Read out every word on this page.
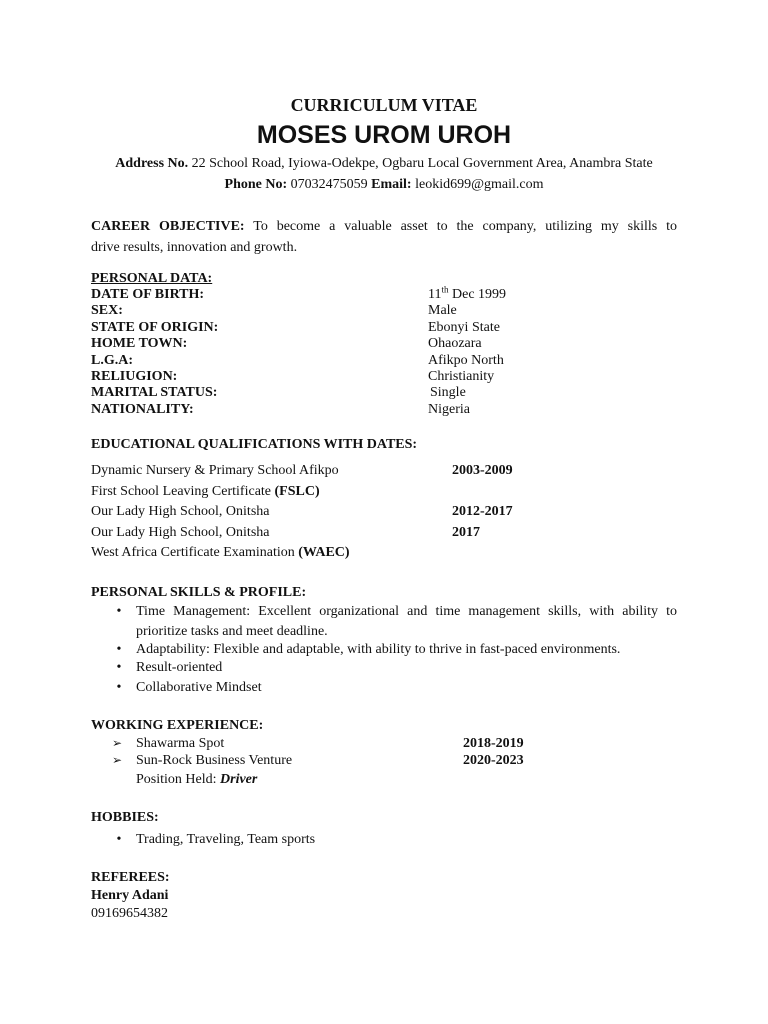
CURRICULUM VITAE
MOSES UROM UROH
Address No. 22 School Road, Iyiowa-Odekpe, Ogbaru Local Government Area, Anambra State
Phone No: 07032475059 Email: leokid699@gmail.com
CAREER OBJECTIVE: To become a valuable asset to the company, utilizing my skills to
drive results, innovation and growth.
PERSONAL DATA:
DATE OF BIRTH:	11th Dec 1999
SEX:	Male
STATE OF ORIGIN:	Ebonyi State
HOME TOWN:	Ohaozara
L.G.A:	Afikpo North
RELIUGION:	Christianity
MARITAL STATUS:	Single
NATIONALITY:	Nigeria
EDUCATIONAL QUALIFICATIONS WITH DATES:
Dynamic Nursery & Primary School Afikpo	2003-2009
First School Leaving Certificate (FSLC)
Our Lady High School, Onitsha	2012-2017
Our Lady High School, Onitsha	2017
West Africa Certificate Examination (WAEC)
PERSONAL SKILLS & PROFILE:
•	Time Management: Excellent organizational and time management skills, with ability to
prioritize tasks and meet deadline.
•	Adaptability: Flexible and adaptable, with ability to thrive in fast-paced environments.
•	Result-oriented
•	Collaborative Mindset
WORKING EXPERIENCE:
➢ Shawarma Spot	2018-2019
➢ Sun-Rock Business Venture	2020-2023
Position Held: Driver
HOBBIES:
•	Trading, Traveling, Team sports
REFEREES:
Henry Adani
09169654382
